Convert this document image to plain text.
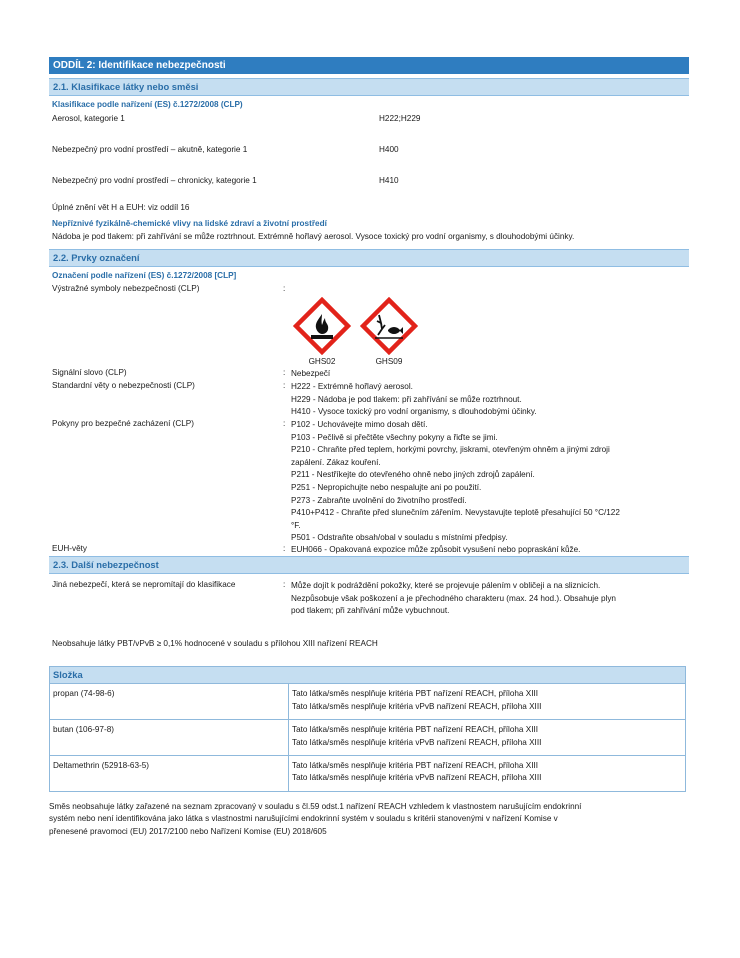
ODDÍL 2: Identifikace nebezpečnosti
2.1. Klasifikace látky nebo směsi
Klasifikace podle nařízení (ES) č.1272/2008 (CLP)
Aerosol, kategorie 1	H222;H229
Nebezpečný pro vodní prostředí – akutně, kategorie 1	H400
Nebezpečný pro vodní prostředí – chronicky, kategorie 1	H410
Úplné znění vět H a EUH: viz oddíl 16
Nepříznivé fyzikálně-chemické vlivy na lidské zdraví a životní prostředí
Nádoba je pod tlakem: při zahřívání se může roztrhnout. Extrémně hořlavý aerosol. Vysoce toxický pro vodní organismy, s dlouhodobými účinky.
2.2. Prvky označení
Označení podle nařízení (ES) č.1272/2008 [CLP]
Výstražné symboly nebezpečnosti (CLP)	:
GHS02	GHS09
Signální slovo (CLP)	: Nebezpečí
Standardní věty o nebezpečnosti (CLP)	: H222 - Extrémně hořlavý aerosol.
H229 - Nádoba je pod tlakem: při zahřívání se může roztrhnout.
H410 - Vysoce toxický pro vodní organismy, s dlouhodobými účinky.
Pokyny pro bezpečné zacházení (CLP)	: P102 - Uchovávejte mimo dosah dětí.
P103 - Pečlivě si přečtěte všechny pokyny a řiďte se jimi.
P210 - Chraňte před teplem, horkými povrchy, jiskrami, otevřeným ohněm a jinými zdroji
zapálení. Zákaz kouření.
P211 - Nestříkejte do otevřeného ohně nebo jiných zdrojů zapálení.
P251 - Nepropichujte nebo nespalujte ani po použití.
P273 - Zabraňte uvolnění do životního prostředí.
P410+P412 - Chraňte před slunečním zářením. Nevystavujte teplotě přesahující 50 °C/122
°F.
P501 - Odstraňte obsah/obal v souladu s místními předpisy.
EUH-věty	: EUH066 - Opakovaná expozice může způsobit vysušení nebo popraskání kůže.
2.3. Další nebezpečnost
Jiná nebezpečí, která se nepromítají do klasifikace	: Může dojít k podráždění pokožky, které se projevuje pálením v obličeji a na sliznicích.
Nezpůsobuje však poškození a je přechodného charakteru (max. 24 hod.). Obsahuje plyn
pod tlakem; při zahřívání může vybuchnout.
Neobsahuje látky PBT/vPvB ≥ 0,1% hodnocené v souladu s přílohou XIII nařízení REACH
Složka	
propan (74-98-6)	Tato látka/směs nesplňuje kritéria PBT nařízení REACH, příloha XIII
Tato látka/směs nesplňuje kritéria vPvB nařízení REACH, příloha XIII

butan (106-97-8)	Tato látka/směs nesplňuje kritéria PBT nařízení REACH, příloha XIII
Tato látka/směs nesplňuje kritéria vPvB nařízení REACH, příloha XIII

Deltamethrin (52918-63-5)	Tato látka/směs nesplňuje kritéria PBT nařízení REACH, příloha XIII
Tato látka/směs nesplňuje kritéria vPvB nařízení REACH, příloha XIII
Směs neobsahuje látky zařazené na seznam zpracovaný v souladu s čl.59 odst.1 nařízení REACH vzhledem k vlastnostem narušujícím endokrinní
systém nebo není identifikována jako látka s vlastnostmi narušujícími endokrinní systém v souladu s kritérii stanovenými v nařízení Komise v
přenesené pravomoci (EU) 2017/2100 nebo Nařízení Komise (EU) 2018/605
